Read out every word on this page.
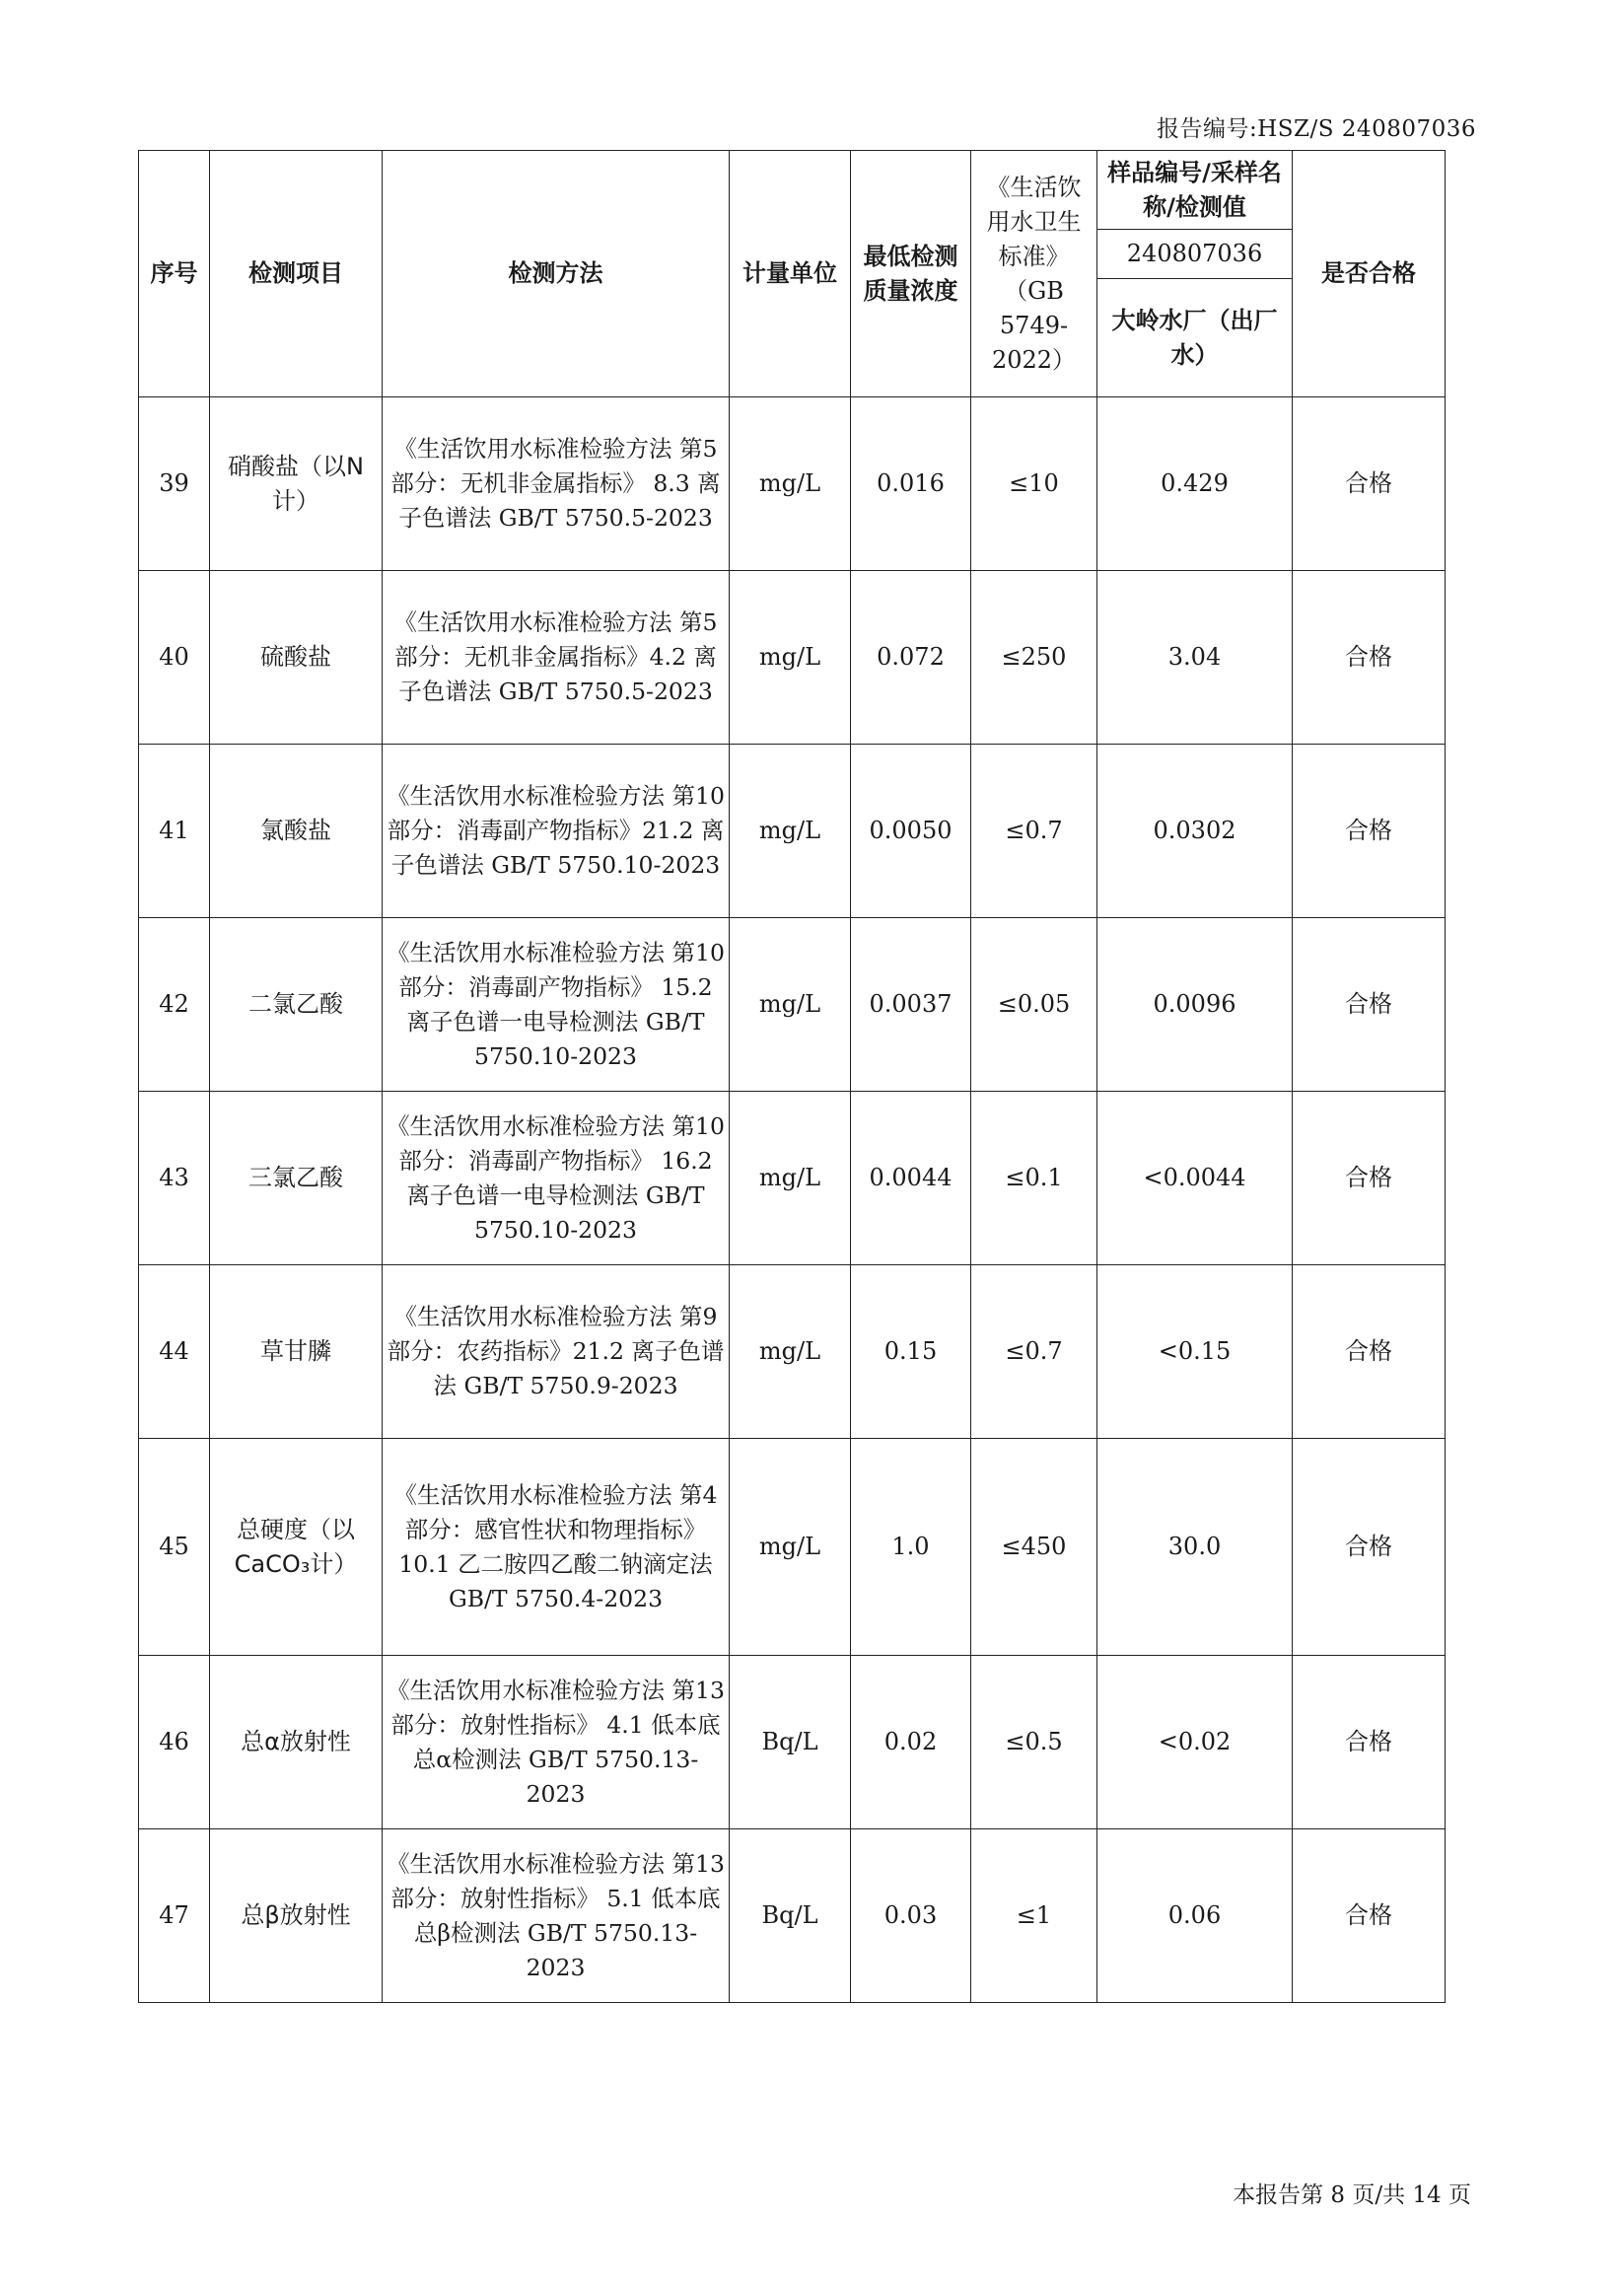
报告编号:HSZ/S 240807036
序号	检测项目	检测方法	计量单位	最低检测质量浓度	《生活饮用水卫生标准》（GB 5749-2022）	样品编号/采样名称/检测值	是否合格
						240807036	
						大岭水厂（出厂水）	
39	硝酸盐（以N计）	《生活饮用水标准检验方法 第5部分：无机非金属指标》 8.3 离子色谱法 GB/T 5750.5-2023	mg/L	0.016	≤10	0.429	合格
40	硫酸盐	《生活饮用水标准检验方法 第5部分：无机非金属指标》4.2 离子色谱法 GB/T 5750.5-2023	mg/L	0.072	≤250	3.04	合格
41	氯酸盐	《生活饮用水标准检验方法 第10部分：消毒副产物指标》21.2 离子色谱法 GB/T 5750.10-2023	mg/L	0.0050	≤0.7	0.0302	合格
42	二氯乙酸	《生活饮用水标准检验方法 第10部分：消毒副产物指标》 15.2 离子色谱一电导检测法 GB/T 5750.10-2023	mg/L	0.0037	≤0.05	0.0096	合格
43	三氯乙酸	《生活饮用水标准检验方法 第10部分：消毒副产物指标》 16.2 离子色谱一电导检测法 GB/T 5750.10-2023	mg/L	0.0044	≤0.1	<0.0044	合格
44	草甘膦	《生活饮用水标准检验方法 第9部分：农药指标》21.2 离子色谱法 GB/T 5750.9-2023	mg/L	0.15	≤0.7	<0.15	合格
45	总硬度（以CaCO₃计）	《生活饮用水标准检验方法 第4部分：感官性状和物理指标》10.1 乙二胺四乙酸二钠滴定法 GB/T 5750.4-2023	mg/L	1.0	≤450	30.0	合格
46	总α放射性	《生活饮用水标准检验方法 第13部分：放射性指标》 4.1 低本底总α检测法 GB/T 5750.13-2023	Bq/L	0.02	≤0.5	<0.02	合格
47	总β放射性	《生活饮用水标准检验方法 第13部分：放射性指标》 5.1 低本底总β检测法 GB/T 5750.13-2023	Bq/L	0.03	≤1	0.06	合格
本报告第 8 页/共 14 页
